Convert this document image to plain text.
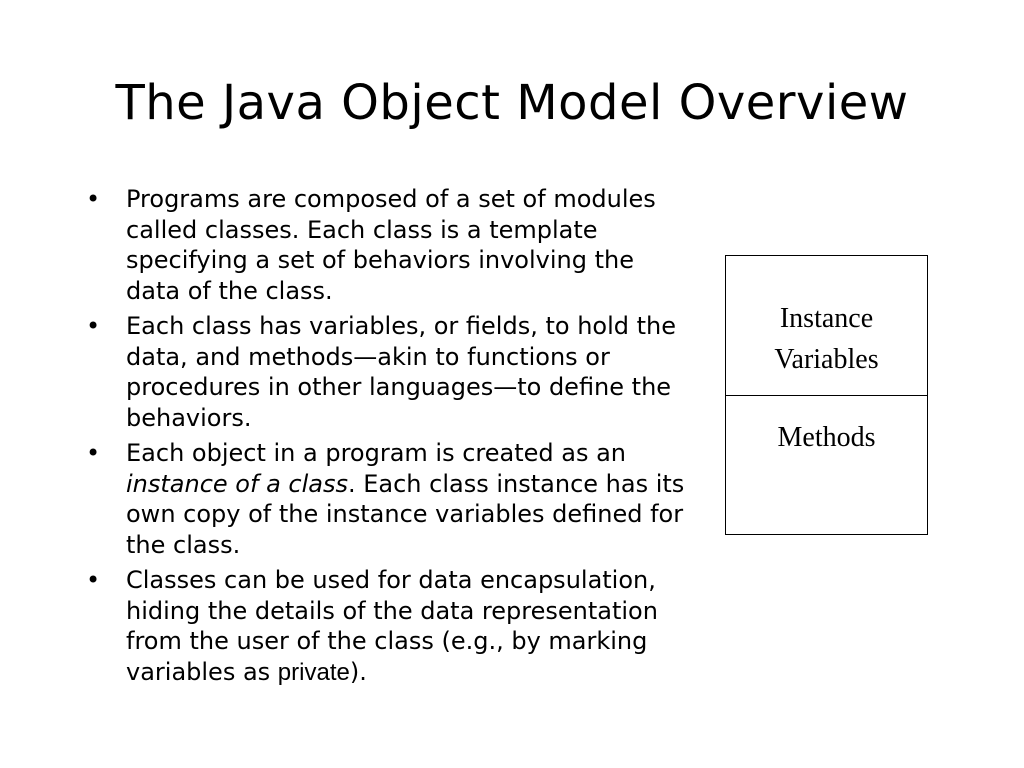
The Java Object Model Overview
• Programs are composed of a set of modules called classes. Each class is a template specifying a set of behaviors involving the data of the class.
• Each class has variables, or fields, to hold the data, and methods—akin to functions or procedures in other languages—to define the behaviors.
• Each object in a program is created as an instance of a class. Each class instance has its own copy of the instance variables defined for the class.
• Classes can be used for data encapsulation, hiding the details of the data representation from the user of the class (e.g., by marking variables as private).
Instance
Variables
Methods
